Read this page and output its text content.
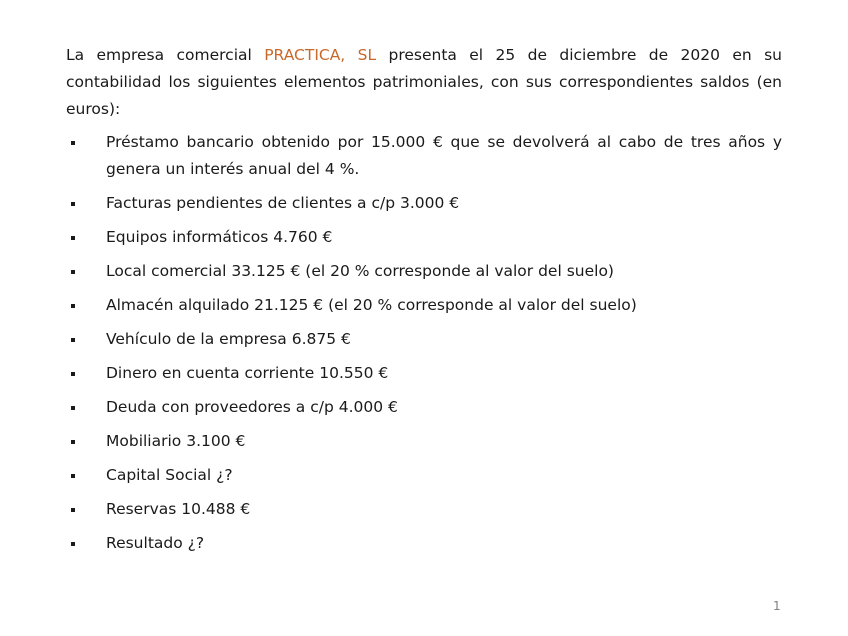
La empresa comercial PRACTICA, SL presenta el 25 de diciembre de 2020 en su contabilidad los siguientes elementos patrimoniales, con sus correspondientes saldos (en euros):

Préstamo bancario obtenido por 15.000 € que se devolverá al cabo de tres años y genera un interés anual del 4 %.
Facturas pendientes de clientes a c/p 3.000 €
Equipos informáticos 4.760 €
Local comercial 33.125 € (el 20 % corresponde al valor del suelo)
Almacén alquilado 21.125 € (el 20 % corresponde al valor del suelo)
Vehículo de la empresa 6.875 €
Dinero en cuenta corriente 10.550 €
Deuda con proveedores a c/p 4.000 €
Mobiliario 3.100 €
Capital Social ¿?
Reservas 10.488 €
Resultado ¿?
1
